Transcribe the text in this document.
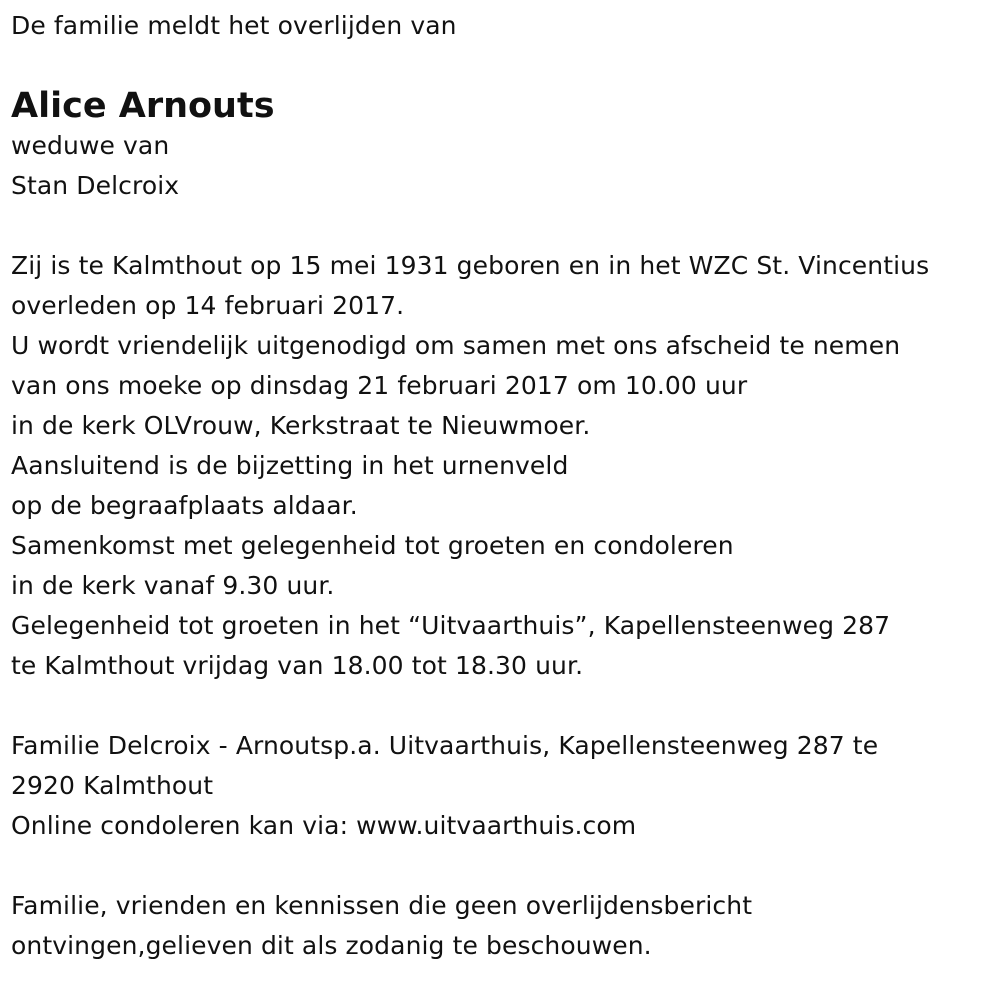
De familie meldt het overlijden van
Alice Arnouts
weduwe van
Stan Delcroix
Zij is te Kalmthout op 15 mei 1931 geboren en in het WZC St. Vincentius
overleden op 14 februari 2017.
U wordt vriendelijk uitgenodigd om samen met ons afscheid te nemen
van ons moeke op dinsdag 21 februari 2017 om 10.00 uur
in de kerk OLVrouw, Kerkstraat te Nieuwmoer.
Aansluitend is de bijzetting in het urnenveld
op de begraafplaats aldaar.
Samenkomst met gelegenheid tot groeten en condoleren
in de kerk vanaf 9.30 uur.
Gelegenheid tot groeten in het “Uitvaarthuis”, Kapellensteenweg 287
te Kalmthout vrijdag van 18.00 tot 18.30 uur.
Familie Delcroix - Arnoutsp.a. Uitvaarthuis, Kapellensteenweg 287 te
2920 Kalmthout
Online condoleren kan via: www.uitvaarthuis.com
Familie, vrienden en kennissen die geen overlijdensbericht
ontvingen,gelieven dit als zodanig te beschouwen.
